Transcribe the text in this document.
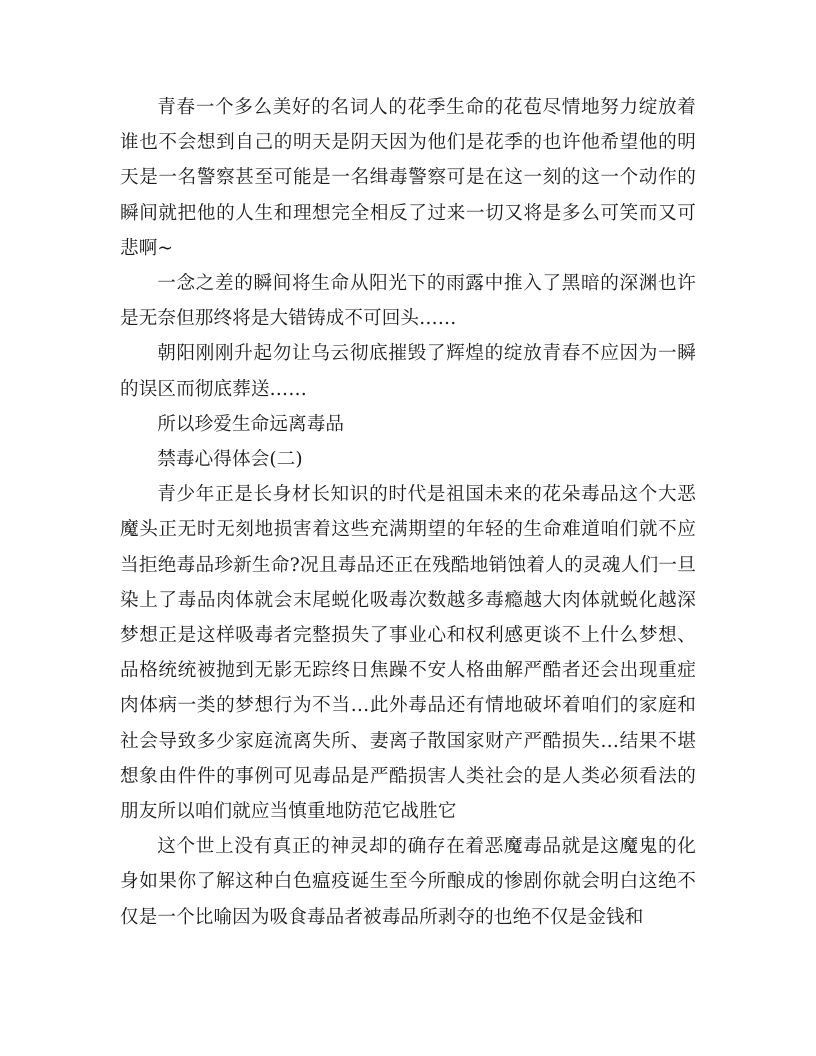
青春一个多么美好的名词人的花季生命的花苞尽情地努力绽放着谁也不会想到自己的明天是阴天因为他们是花季的也许他希望他的明天是一名警察甚至可能是一名缉毒警察可是在这一刻的这一个动作的瞬间就把他的人生和理想完全相反了过来一切又将是多么可笑而又可悲啊~

一念之差的瞬间将生命从阳光下的雨露中推入了黑暗的深渊也许是无奈但那终将是大错铸成不可回头……

朝阳刚刚升起勿让乌云彻底摧毁了辉煌的绽放青春不应因为一瞬的误区而彻底葬送……

所以珍爱生命远离毒品

禁毒心得体会(二)

青少年正是长身材长知识的时代是祖国未来的花朵毒品这个大恶魔头正无时无刻地损害着这些充满期望的年轻的生命难道咱们就不应当拒绝毒品珍新生命?况且毒品还正在残酷地销蚀着人的灵魂人们一旦染上了毒品肉体就会末尾蜕化吸毒次数越多毒瘾越大肉体就蜕化越深梦想正是这样吸毒者完整损失了事业心和权利感更谈不上什么梦想、品格统统被抛到无影无踪终日焦躁不安人格曲解严酷者还会出现重症肉体病一类的梦想行为不当…此外毒品还有情地破坏着咱们的家庭和社会导致多少家庭流离失所、妻离子散国家财产严酷损失…结果不堪想象由件件的事例可见毒品是严酷损害人类社会的是人类必须看法的朋友所以咱们就应当慎重地防范它战胜它

这个世上没有真正的神灵却的确存在着恶魔毒品就是这魔鬼的化身如果你了解这种白色瘟疫诞生至今所酿成的惨剧你就会明白这绝不仅是一个比喻因为吸食毒品者被毒品所剥夺的也绝不仅是金钱和
